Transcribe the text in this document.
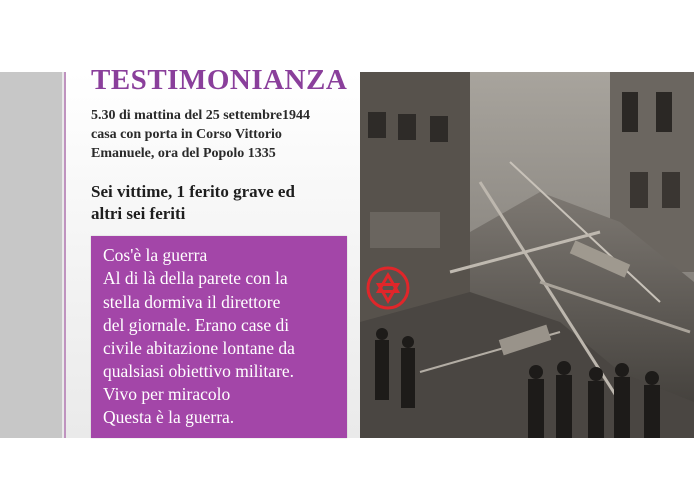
TESTIMONIANZA
5.30 di mattina del 25 settembre1944
casa con porta in Corso Vittorio
Emanuele, ora del Popolo 1335
Sei vittime, 1 ferito grave ed
altri sei feriti
Cos'è la guerra
Al di là della parete con la
stella dormiva il direttore
del giornale. Erano case di
civile abitazione lontane da
qualsiasi obiettivo militare.
Vivo per miracolo
Questa è la guerra.
